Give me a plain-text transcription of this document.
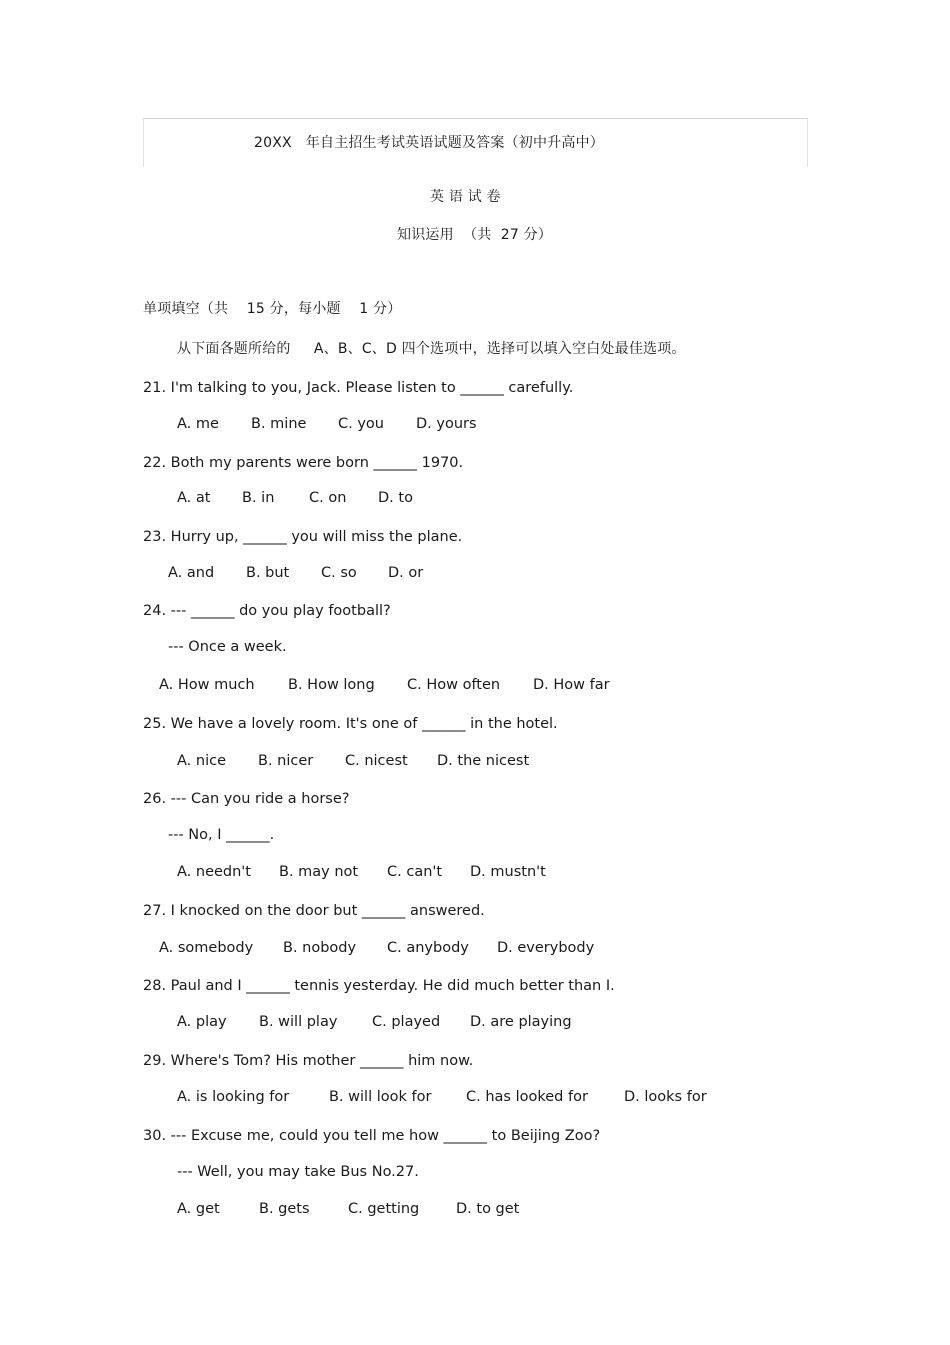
20XX   年自主招生考试英语试题及答案（初中升高中）
英 语 试 卷
知识运用  （共  27 分）
单项填空（共    15 分，每小题    1 分）
从下面各题所给的     A、B、C、D 四个选项中，选择可以填入空白处最佳选项。
21. I'm talking to you, Jack. Please listen to ______ carefully.
A. me B. mine C. you D. yours
22. Both my parents were born ______ 1970.
A. at B. in C. on D. to
23. Hurry up, ______ you will miss the plane.
A. and B. but C. so D. or
24. --- ______ do you play football?
--- Once a week.
A. How much B. How long C. How often D. How far
25. We have a lovely room. It's one of ______ in the hotel.
A. nice B. nicer C. nicest D. the nicest
26. --- Can you ride a horse?
--- No, I ______.
A. needn't B. may not C. can't D. mustn't
27. I knocked on the door but ______ answered.
A. somebody B. nobody C. anybody D. everybody
28. Paul and I ______ tennis yesterday. He did much better than I.
A. play B. will play C. played D. are playing
29. Where's Tom? His mother ______ him now.
A. is looking for	B. will look for C. has looked for D. looks for
30. --- Excuse me, could you tell me how ______ to Beijing Zoo?
--- Well, you may take Bus No.27.
A. get	B. gets	C. getting	D. to get
